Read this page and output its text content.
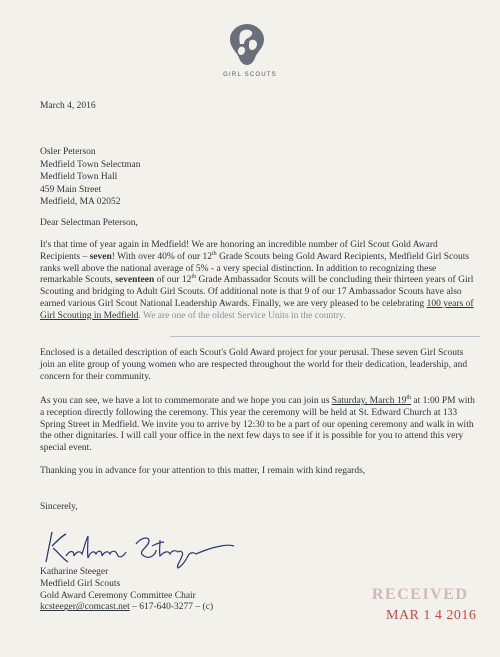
GIRL SCOUTS
March 4, 2016
Osler Peterson
Medfield Town Selectman
Medfield Town Hall
459 Main Street
Medfield, MA 02052
Dear Selectman Peterson,
It's that time of year again in Medfield! We are honoring an incredible number of Girl Scout Gold Award Recipients – seven! With over 40% of our 12th Grade Scouts being Gold Award Recipients, Medfield Girl Scouts ranks well above the national average of 5% - a very special distinction. In addition to recognizing these remarkable Scouts, seventeen of our 12th Grade Ambassador Scouts will be concluding their thirteen years of Girl Scouting and bridging to Adult Girl Scouts. Of additional note is that 9 of our 17 Ambassador Scouts have also earned various Girl Scout National Leadership Awards. Finally, we are very pleased to be celebrating 100 years of Girl Scouting in Medfield. We are one of the oldest Service Units in the country.
Enclosed is a detailed description of each Scout's Gold Award project for your perusal. These seven Girl Scouts join an elite group of young women who are respected throughout the world for their dedication, leadership, and concern for their community.
As you can see, we have a lot to commemorate and we hope you can join us Saturday, March 19th at 1:00 PM with a reception directly following the ceremony. This year the ceremony will be held at St. Edward Church at 133 Spring Street in Medfield. We invite you to arrive by 12:30 to be a part of our opening ceremony and walk in with the other dignitaries. I will call your office in the next few days to see if it is possible for you to attend this very special event.
Thanking you in advance for your attention to this matter, I remain with kind regards,
Sincerely,
Katharine Steeger
Medfield Girl Scouts
Gold Award Ceremony Committee Chair
kcsteeger@comcast.net – 617-640-3277 – (c)
RECEIVED
MAR 1 4 2016
